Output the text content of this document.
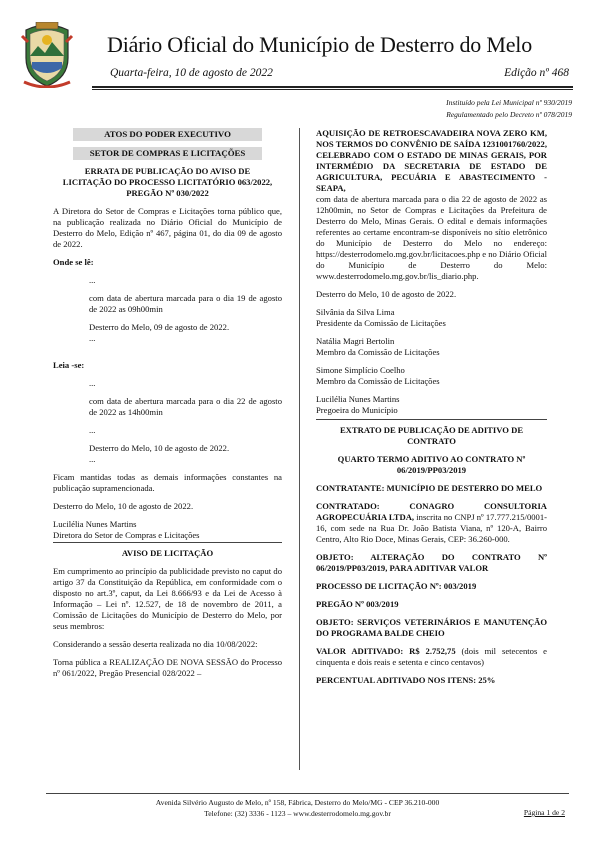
Diário Oficial do Município de Desterro do Melo
Quarta-feira, 10 de agosto de 2022	Edição nº 468
Instituído pela Lei Municipal nº 930/2019
Regulamentado pelo Decreto nº 078/2019
ATOS DO PODER EXECUTIVO
SETOR DE COMPRAS E LICITAÇÕES
ERRATA DE PUBLICAÇÃO DO AVISO DE LICITAÇÃO DO PROCESSO LICITATÓRIO 063/2022, PREGÃO Nº 030/2022
A Diretora do Setor de Compras e Licitações torna público que, na publicação realizada no Diário Oficial do Município de Desterro do Melo, Edição nº 467, página 01, do dia 09 de agosto de 2022.
Onde se lê:
...
com data de abertura marcada para o dia 19 de agosto de 2022 as 09h00min
Desterro do Melo, 09 de agosto de 2022.
...
Leia -se:
...
com data de abertura marcada para o dia 22 de agosto de 2022 as 14h00min
...
Desterro do Melo, 10 de agosto de 2022.
...
Ficam mantidas todas as demais informações constantes na publicação supramencionada.
Desterro do Melo, 10 de agosto de 2022.
Lucilélia Nunes Martins
Diretora do Setor de Compras e Licitações
AVISO DE LICITAÇÃO
Em cumprimento ao princípio da publicidade previsto no caput do artigo 37 da Constituição da República, em conformidade com o disposto no art.3º, caput, da Lei 8.666/93 e da Lei de Acesso à Informação – Lei nº. 12.527, de 18 de novembro de 2011, a Comissão de Licitações do Município de Desterro do Melo, por seus membros:
Considerando a sessão deserta realizada no dia 10/08/2022:
Torna pública a REALIZAÇÃO DE NOVA SESSÃO do Processo nº 061/2022, Pregão Presencial 028/2022 –
AQUISIÇÃO DE RETROESCAVADEIRA NOVA ZERO KM, NOS TERMOS DO CONVÊNIO DE SAÍDA 1231001760/2022, CELEBRADO COM O ESTADO DE MINAS GERAIS, POR INTERMÉDIO DA SECRETARIA DE ESTADO DE AGRICULTURA, PECUÁRIA E ABASTECIMENTO - SEAPA,
com data de abertura marcada para o dia 22 de agosto de 2022 as 12h00min, no Setor de Compras e Licitações da Prefeitura de Desterro do Melo, Minas Gerais. O edital e demais informações referentes ao certame encontram-se disponíveis no sítio eletrônico do Município de Desterro do Melo no endereço: https://desterrodomelo.mg.gov.br/licitacoes.php e no Diário Oficial do Município de Desterro do Melo: www.desterrodomelo.mg.gov.br/lis_diario.php.
Desterro do Melo, 10 de agosto de 2022.
Silvânia da Silva Lima
Presidente da Comissão de Licitações
Natália Magri Bertolin
Membro da Comissão de Licitações
Simone Simplício Coelho
Membro da Comissão de Licitações
Lucilélia Nunes Martins
Pregoeira do Município
EXTRATO DE PUBLICAÇÃO DE ADITIVO DE CONTRATO
QUARTO TERMO ADITIVO AO CONTRATO Nº 06/2019/PP03/2019
CONTRATANTE: MUNICÍPIO DE DESTERRO DO MELO
CONTRATADO: CONAGRO CONSULTORIA AGROPECUÁRIA LTDA, inscrita no CNPJ nº 17.777.215/0001-16, com sede na Rua Dr. João Batista Viana, nº 120-A, Bairro Centro, Alto Rio Doce, Minas Gerais, CEP: 36.260-000.
OBJETO: ALTERAÇÃO DO CONTRATO Nº 06/2019/PP03/2019, PARA ADITIVAR VALOR
PROCESSO DE LICITAÇÃO Nº: 003/2019
PREGÃO Nº 003/2019
OBJETO: SERVIÇOS VETERINÁRIOS E MANUTENÇÃO DO PROGRAMA BALDE CHEIO
VALOR ADITIVADO: R$ 2.752,75 (dois mil setecentos e cinquenta e dois reais e setenta e cinco centavos)
PERCENTUAL ADITIVADO NOS ITENS: 25%
Avenida Silvério Augusto de Melo, nº 158, Fábrica, Desterro do Melo/MG - CEP 36.210-000
Telefone: (32) 3336 - 1123 – www.desterrodomelo.mg.gov.br	Página 1 de 2
